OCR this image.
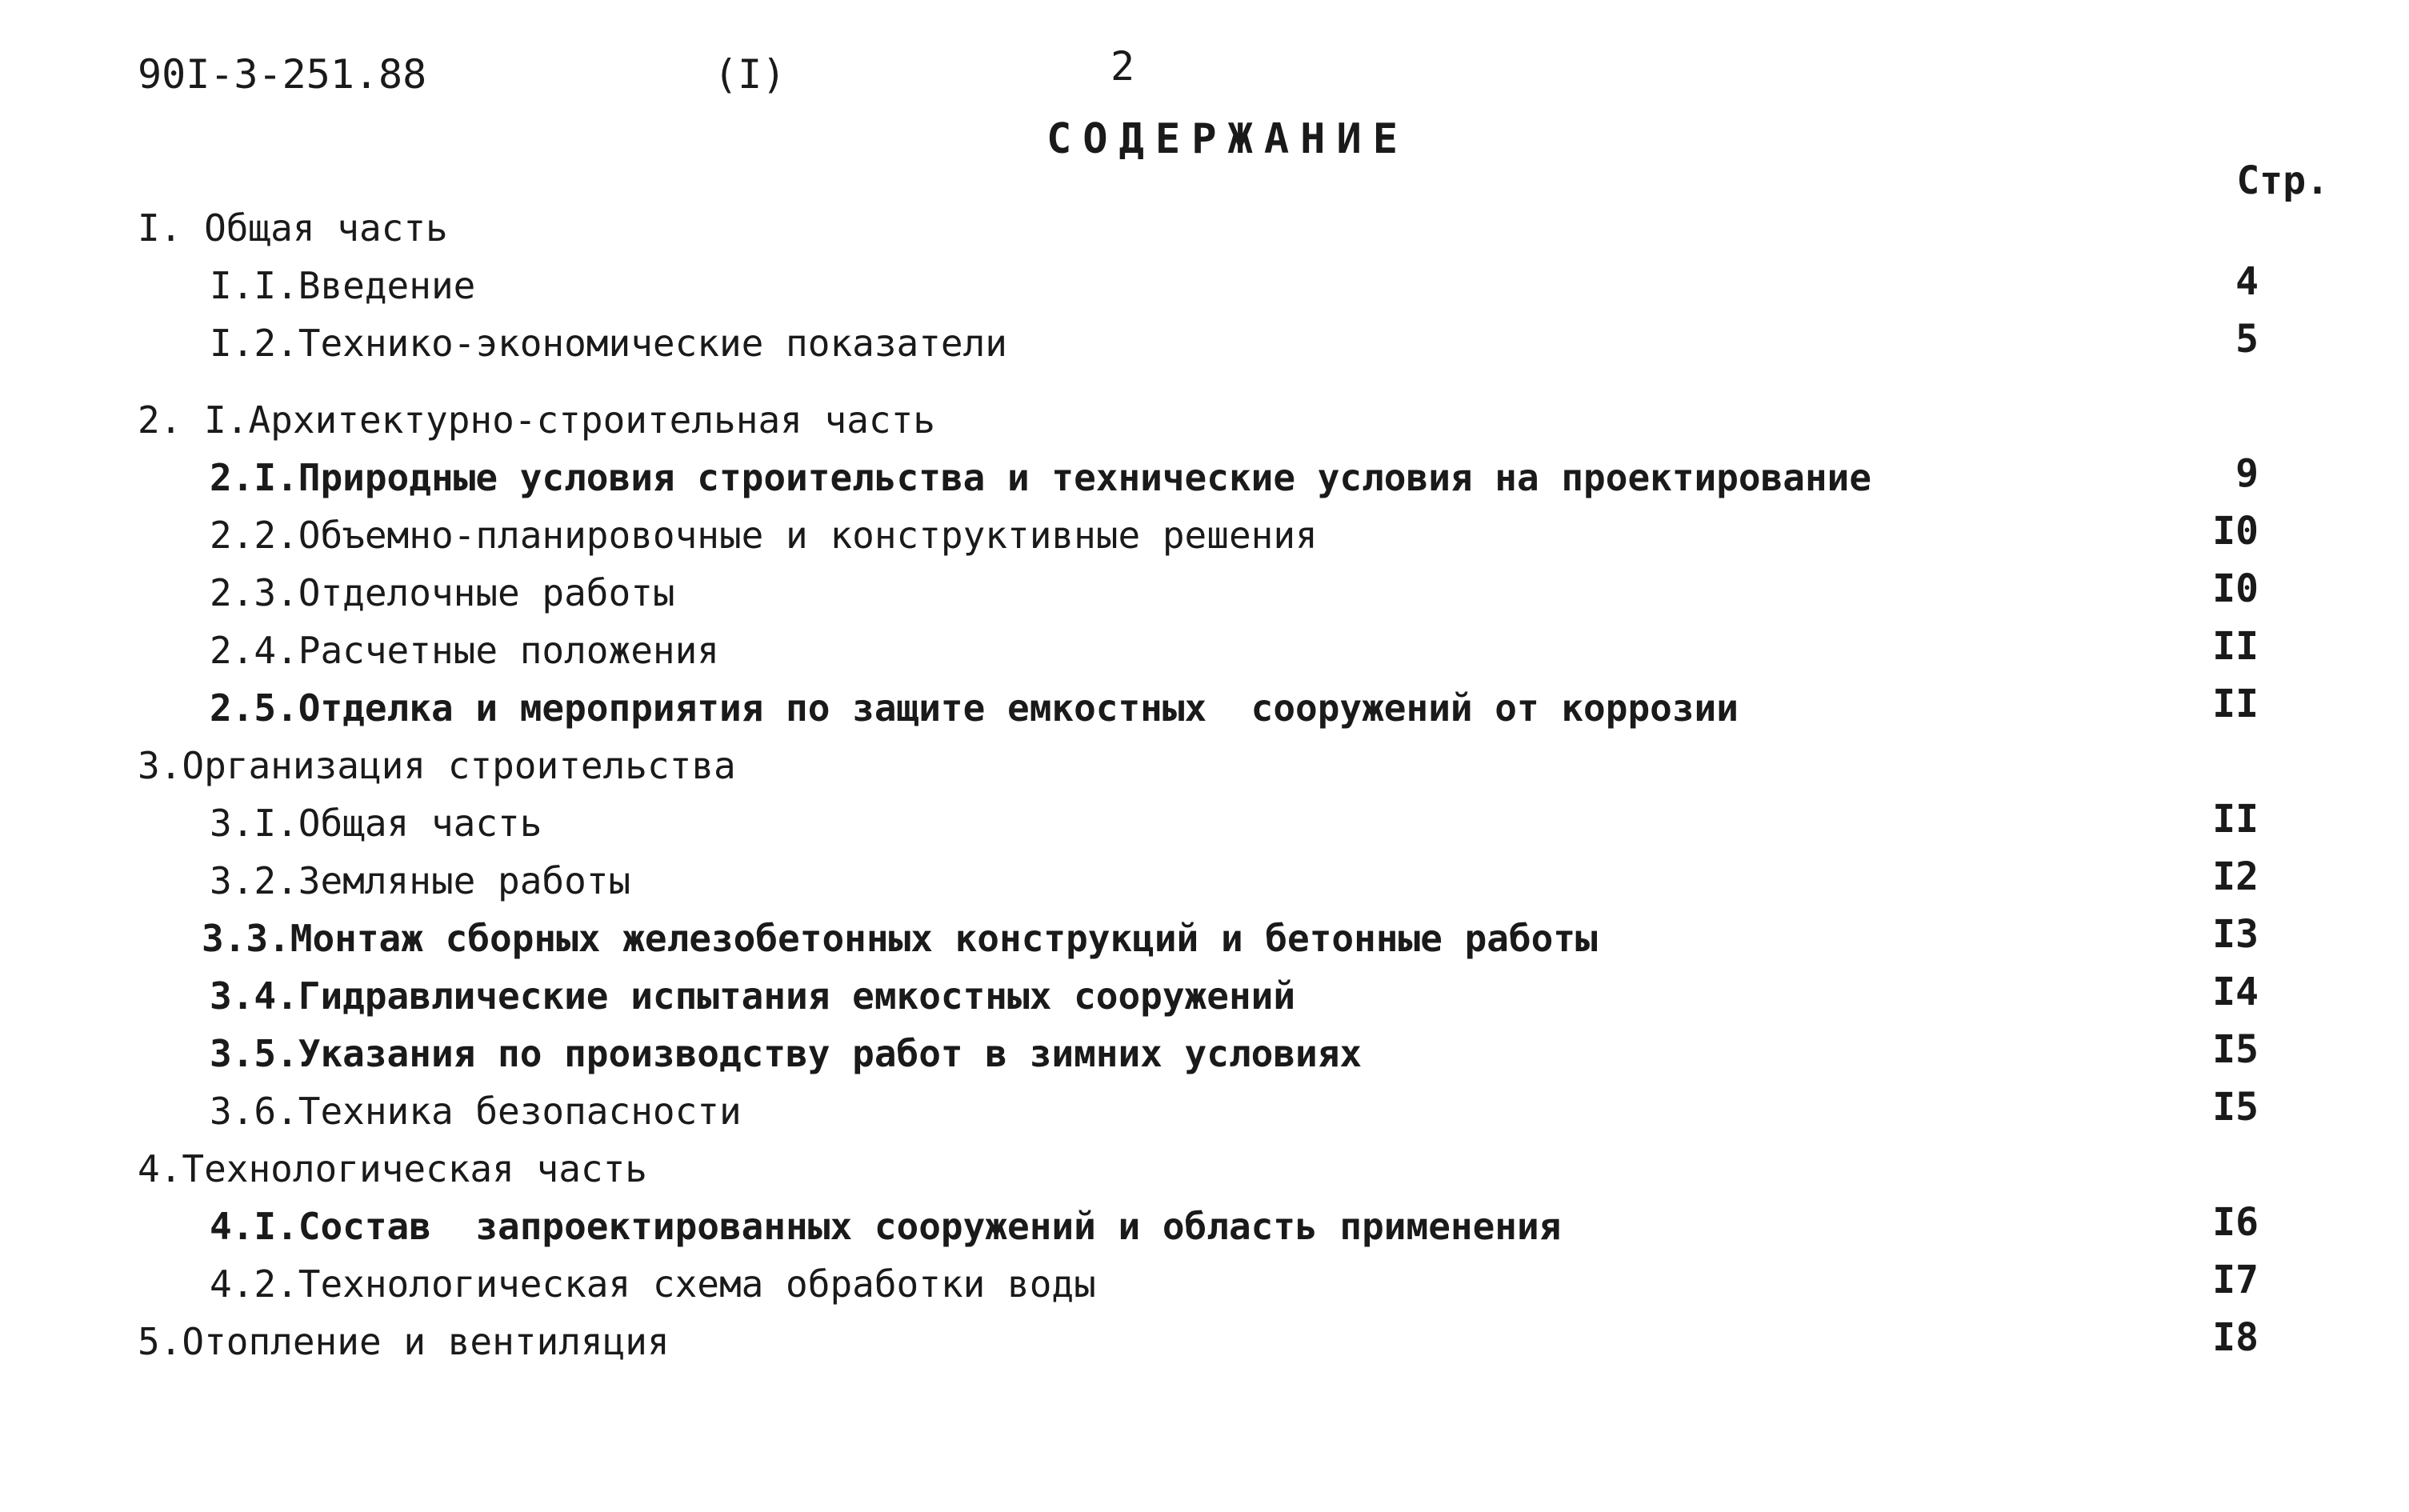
90I-3-251.88	(I)	2
СОДЕРЖАНИЕ
Стр.
I. Общая часть
I.I.Введение	4
I.2.Технико-экономические показатели	5
2. I.Архитектурно-строительная часть
2.I.Природные условия строительства и технические условия на проектирование	9
2.2.Объемно-планировочные и конструктивные решения	I0
2.3.Отделочные работы	I0
2.4.Расчетные положения	II
2.5.Отделка и мероприятия по защите емкостных  сооружений от коррозии	II
3.Организация строительства
3.I.Общая часть	II
3.2.Земляные работы	I2
3.3.Монтаж сборных железобетонных конструкций и бетонные работы	I3
3.4.Гидравлические испытания емкостных сооружений	I4
3.5.Указания по производству работ в зимних условиях	I5
3.6.Техника безопасности	I5
4.Технологическая часть
4.I.Состав  запроектированных сооружений и область применения	I6
4.2.Технологическая схема обработки воды	I7
5.Отопление и вентиляция	I8
